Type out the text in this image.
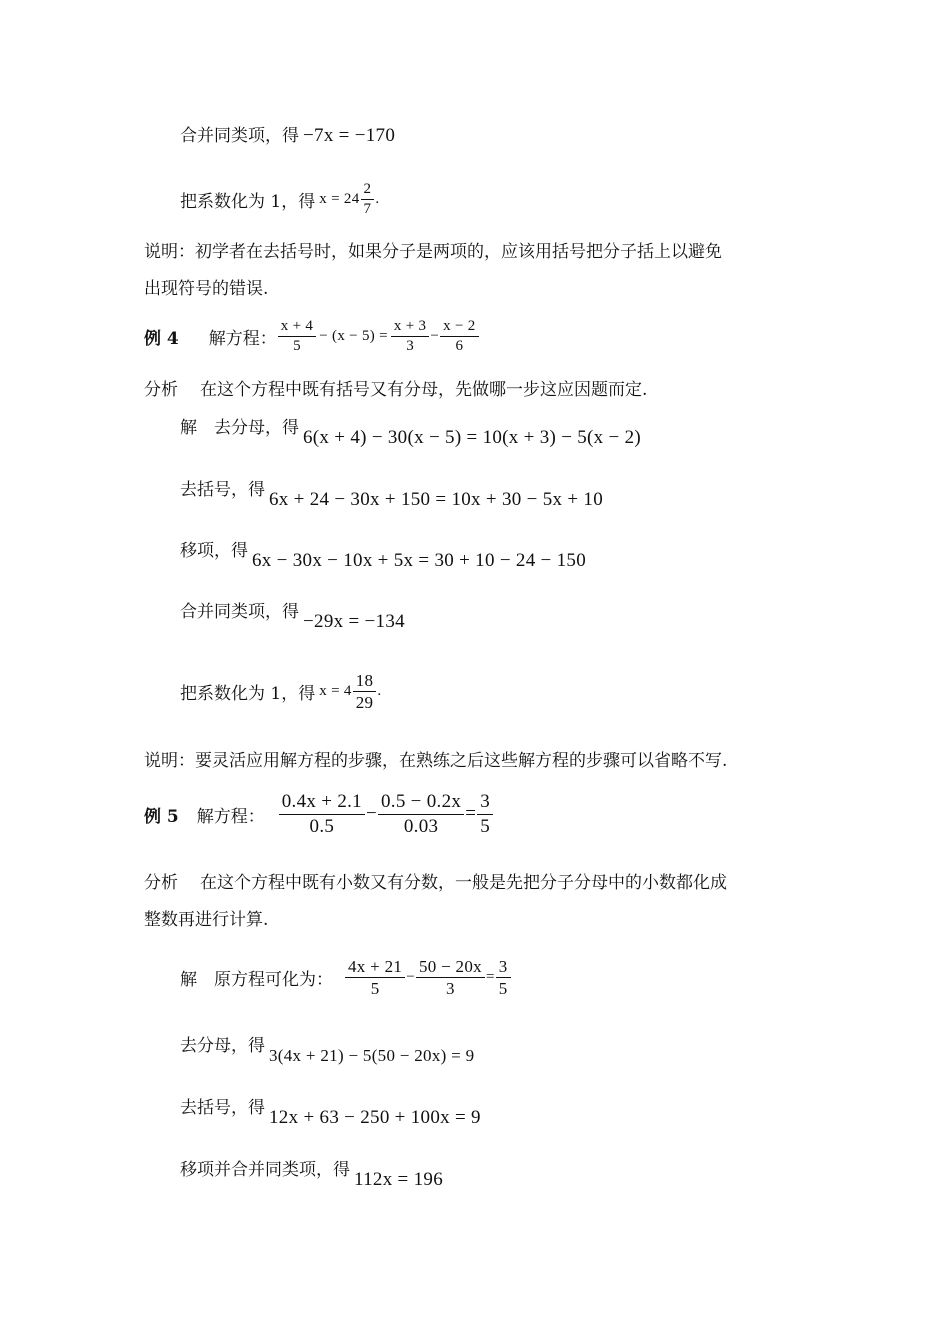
合并同类项，得 −7x = −170
把系数化为 1，得 $x = 24 \frac{2}{7}$ .
说明：初学者在去括号时，如果分子是两项的，应该用括号把分子括上以避免
出现符号的错误.
例 4 解方程： $\frac{x + 4}{5} - (x - 5) = \frac{x + 3}{3} - \frac{x - 2}{6}$
分析 在这个方程中既有括号又有分母，先做哪一步这应因题而定.
解　去分母，得 6(x + 4) − 30(x − 5) = 10(x + 3) − 5(x − 2)
去括号，得 6x + 24 − 30x + 150 = 10x + 30 − 5x + 10
移项，得 6x − 30x − 10x + 5x = 30 + 10 − 24 − 150
合并同类项，得 −29x = −134
把系数化为 1，得 $x = 4 \frac{18}{29}$ .
说明：要灵活应用解方程的步骤，在熟练之后这些解方程的步骤可以省略不写.
例 5 解方程： $\frac{0.4x + 2.1}{0.5} - \frac{0.5 - 0.2x}{0.03} = \frac{3}{5}$
分析 在这个方程中既有小数又有分数，一般是先把分子分母中的小数都化成
整数再进行计算.
解　原方程可化为： $\frac{4x + 21}{5} - \frac{50 - 20x}{3} = \frac{3}{5}$
去分母，得 3(4x + 21) − 5(50 − 20x) = 9
去括号，得 12x + 63 − 250 + 100x = 9
移项并合并同类项，得 112x = 196
